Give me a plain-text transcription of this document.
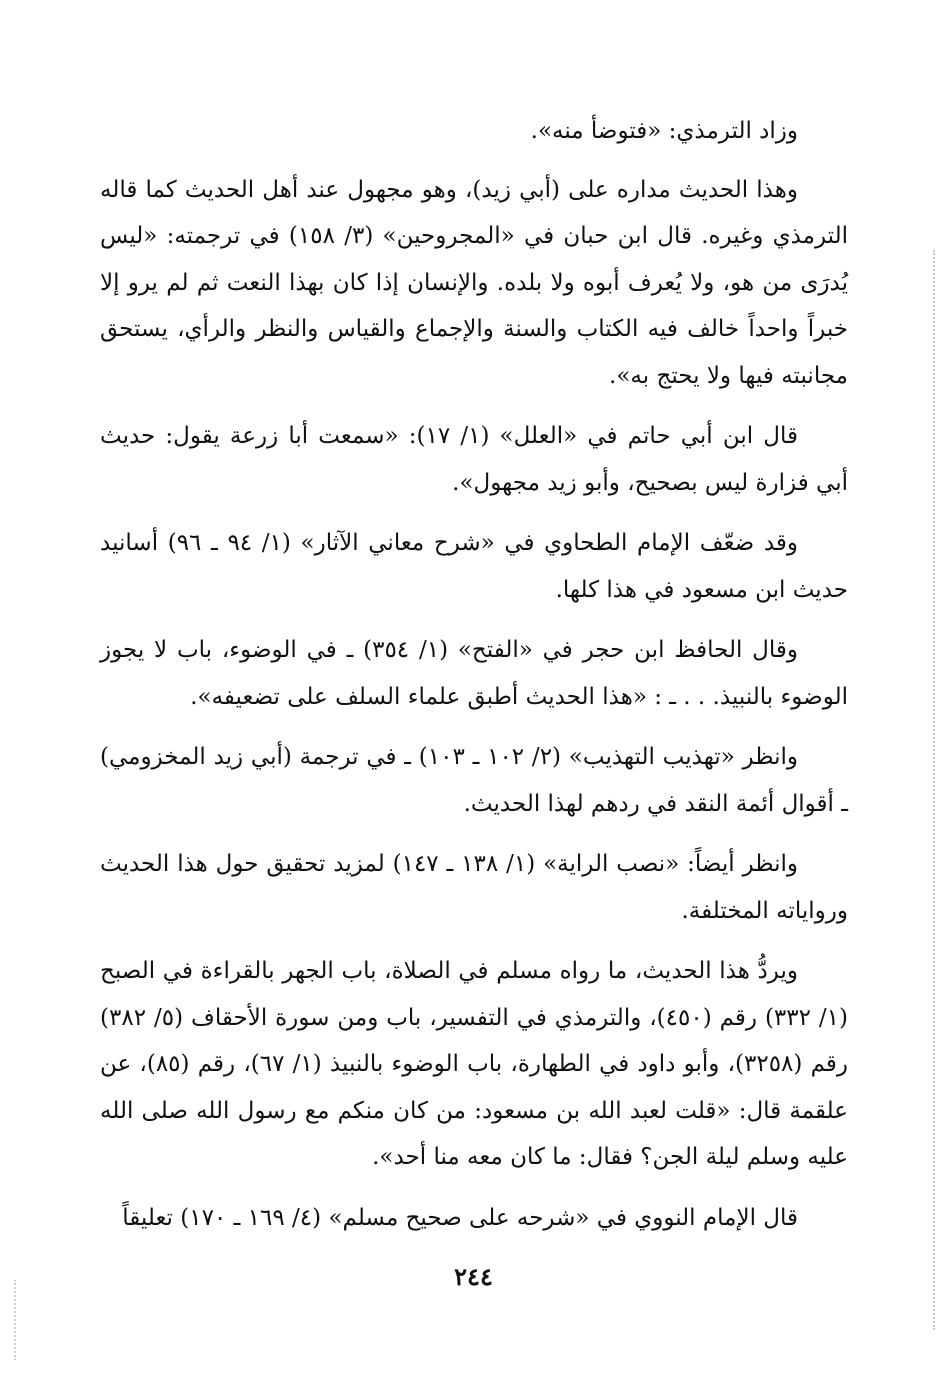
وزاد الترمذي: «فتوضأ منه».

وهذا الحديث مداره على (أبي زيد)، وهو مجهول عند أهل الحديث كما قاله الترمذي وغيره. قال ابن حبان في «المجروحين» (٣/ ١٥٨) في ترجمته: «ليس يُدرَى من هو، ولا يُعرف أبوه ولا بلده. والإنسان إذا كان بهذا النعت ثم لم يرو إلا خبراً واحداً خالف فيه الكتاب والسنة والإجماع والقياس والنظر والرأي، يستحق مجانبته فيها ولا يحتج به».

قال ابن أبي حاتم في «العلل» (١/ ١٧): «سمعت أبا زرعة يقول: حديث أبي فزارة ليس بصحيح، وأبو زيد مجهول».

وقد ضعّف الإمام الطحاوي في «شرح معاني الآثار» (١/ ٩٤ ـ ٩٦) أسانيد حديث ابن مسعود في هذا كلها.

وقال الحافظ ابن حجر في «الفتح» (١/ ٣٥٤) ـ في الوضوء، باب لا يجوز الوضوء بالنبيذ. . . ـ : «هذا الحديث أطبق علماء السلف على تضعيفه».

وانظر «تهذيب التهذيب» (٢/ ١٠٢ ـ ١٠٣) ـ في ترجمة (أبي زيد المخزومي) ـ أقوال أئمة النقد في ردهم لهذا الحديث.

وانظر أيضاً: «نصب الراية» (١/ ١٣٨ ـ ١٤٧) لمزيد تحقيق حول هذا الحديث ورواياته المختلفة.

ويردُّ هذا الحديث، ما رواه مسلم في الصلاة، باب الجهر بالقراءة في الصبح (١/ ٣٣٢) رقم (٤٥٠)، والترمذي في التفسير، باب ومن سورة الأحقاف (٥/ ٣٨٢) رقم (٣٢٥٨)، وأبو داود في الطهارة، باب الوضوء بالنبيذ (١/ ٦٧)، رقم (٨٥)، عن علقمة قال: «قلت لعبد الله بن مسعود: من كان منكم مع رسول الله صلى الله عليه وسلم ليلة الجن؟ فقال: ما كان معه منا أحد».

قال الإمام النووي في «شرحه على صحيح مسلم» (٤/ ١٦٩ ـ ١٧٠) تعليقاً

٢٤٤
